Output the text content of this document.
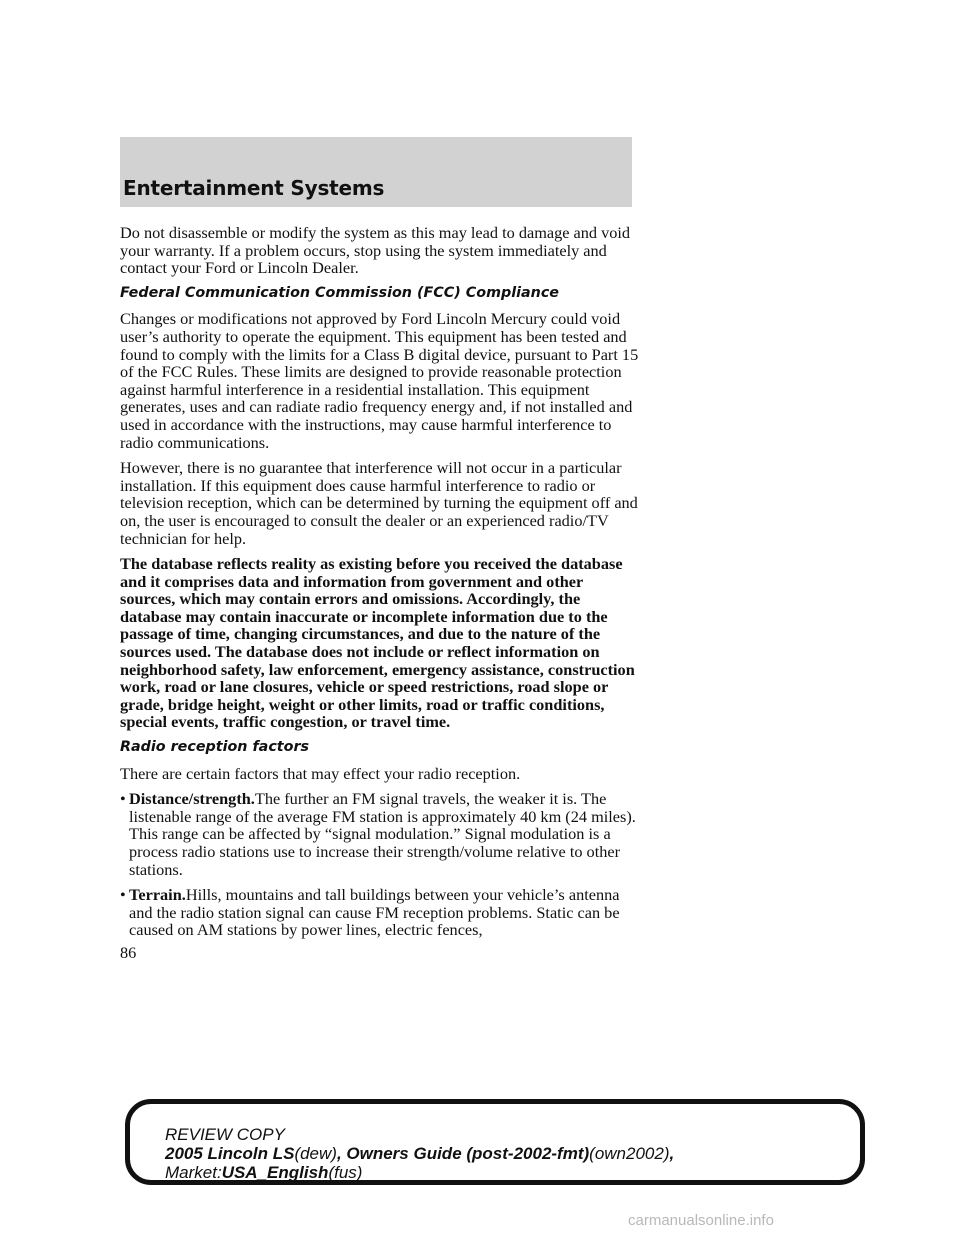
Entertainment Systems

Do not disassemble or modify the system as this may lead to damage and void your warranty. If a problem occurs, stop using the system immediately and contact your Ford or Lincoln Dealer.

Federal Communication Commission (FCC) Compliance

Changes or modifications not approved by Ford Lincoln Mercury could void user’s authority to operate the equipment. This equipment has been tested and found to comply with the limits for a Class B digital device, pursuant to Part 15 of the FCC Rules. These limits are designed to provide reasonable protection against harmful interference in a residential installation. This equipment generates, uses and can radiate radio frequency energy and, if not installed and used in accordance with the instructions, may cause harmful interference to radio communications.

However, there is no guarantee that interference will not occur in a particular installation. If this equipment does cause harmful interference to radio or television reception, which can be determined by turning the equipment off and on, the user is encouraged to consult the dealer or an experienced radio/TV technician for help.

The database reflects reality as existing before you received the database and it comprises data and information from government and other sources, which may contain errors and omissions. Accordingly, the database may contain inaccurate or incomplete information due to the passage of time, changing circumstances, and due to the nature of the sources used. The database does not include or reflect information on neighborhood safety, law enforcement, emergency assistance, construction work, road or lane closures, vehicle or speed restrictions, road slope or grade, bridge height, weight or other limits, road or traffic conditions, special events, traffic congestion, or travel time.

Radio reception factors

There are certain factors that may effect your radio reception.

• Distance/strength.The further an FM signal travels, the weaker it is. The listenable range of the average FM station is approximately 40 km (24 miles). This range can be affected by “signal modulation.” Signal modulation is a process radio stations use to increase their strength/volume relative to other stations.
• Terrain.Hills, mountains and tall buildings between your vehicle’s antenna and the radio station signal can cause FM reception problems. Static can be caused on AM stations by power lines, electric fences,
86
REVIEW COPY
2005 Lincoln LS(dew), Owners Guide (post-2002-fmt)(own2002),
Market:USA_English(fus)
carmanualsonline.info
